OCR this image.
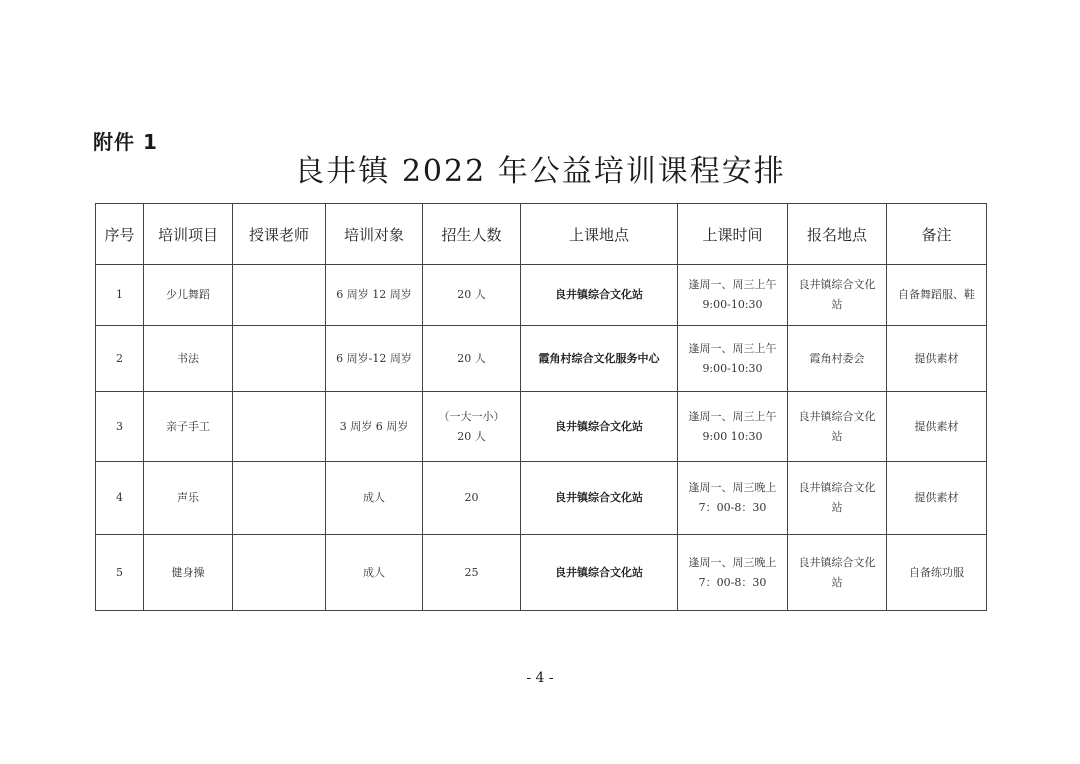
附件 1
良井镇 2022 年公益培训课程安排
序号	培训项目	授课老师	培训对象	招生人数	上课地点	上课时间	报名地点	备注
1	少儿舞蹈		6 周岁 12 周岁	20 人	良井镇综合文化站	逢周一、周三上午
9:00-10:30	良井镇综合文化
站	自备舞蹈服、鞋
2	书法		6 周岁-12 周岁	20 人	霞角村综合文化服务中心	逢周一、周三上午
9:00-10:30	霞角村委会	提供素材
3	亲子手工		3 周岁 6 周岁	（一大一小）
20 人	良井镇综合文化站	逢周一、周三上午
9:00 10:30	良井镇综合文化
站	提供素材
4	声乐		成人	20	良井镇综合文化站	逢周一、周三晚上
7：00-8：30	良井镇综合文化
站	提供素材
5	健身操		成人	25	良井镇综合文化站	逢周一、周三晚上
7：00-8：30	良井镇综合文化
站	自备练功服
- 4 -
